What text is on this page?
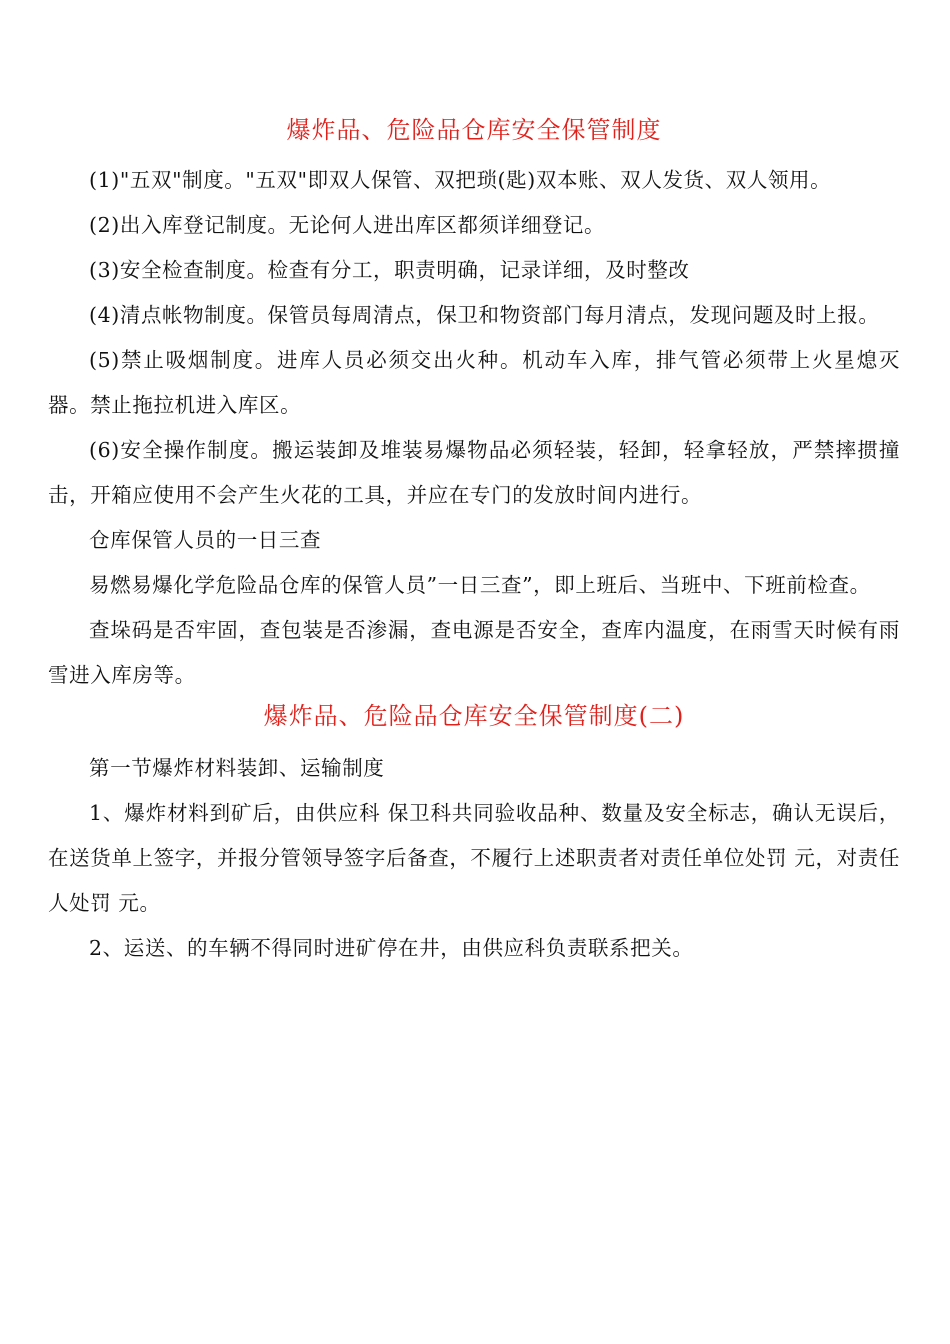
爆炸品、危险品仓库安全保管制度

(1)"五双"制度。"五双"即双人保管、双把琐(匙)双本账、双人发货、双人领用。

(2)出入库登记制度。无论何人进出库区都须详细登记。

(3)安全检查制度。检查有分工，职责明确，记录详细，及时整改

(4)清点帐物制度。保管员每周清点，保卫和物资部门每月清点，发现问题及时上报。

(5)禁止吸烟制度。进库人员必须交出火种。机动车入库，排气管必须带上火星熄灭器。禁止拖拉机进入库区。

(6)安全操作制度。搬运装卸及堆装易爆物品必须轻装，轻卸，轻拿轻放，严禁摔掼撞击，开箱应使用不会产生火花的工具，并应在专门的发放时间内进行。

仓库保管人员的一日三查

易燃易爆化学危险品仓库的保管人员”一日三查”，即上班后、当班中、下班前检查。

查垛码是否牢固，查包装是否渗漏，查电源是否安全，查库内温度，在雨雪天时候有雨雪进入库房等。

爆炸品、危险品仓库安全保管制度(二)

第一节爆炸材料装卸、运输制度

1、爆炸材料到矿后，由供应科 保卫科共同验收品种、数量及安全标志，确认无误后，在送货单上签字，并报分管领导签字后备查，不履行上述职责者对责任单位处罚 元，对责任人处罚 元。

2、运送、的车辆不得同时进矿停在井，由供应科负责联系把关。
